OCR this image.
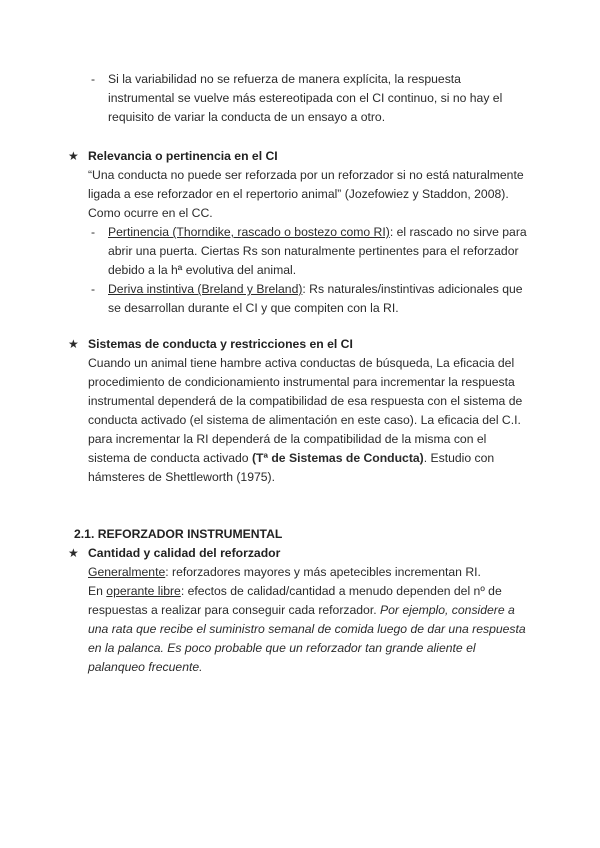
- Si la variabilidad no se refuerza de manera explícita, la respuesta
instrumental se vuelve más estereotipada con el CI continuo, si no hay el
requisito de variar la conducta de un ensayo a otro.
★ Relevancia o pertinencia en el CI
“Una conducta no puede ser reforzada por un reforzador si no está naturalmente
ligada a ese reforzador en el repertorio animal” (Jozefowiez y Staddon, 2008).
Como ocurre en el CC.
- Pertinencia (Thorndike, rascado o bostezo como RI): el rascado no sirve para
abrir una puerta. Ciertas Rs son naturalmente pertinentes para el reforzador
debido a la hª evolutiva del animal.
- Deriva instintiva (Breland y Breland): Rs naturales/instintivas adicionales que
se desarrollan durante el CI y que compiten con la RI.
★ Sistemas de conducta y restricciones en el CI
Cuando un animal tiene hambre activa conductas de búsqueda, La eficacia del
procedimiento de condicionamiento instrumental para incrementar la respuesta
instrumental dependerá de la compatibilidad de esa respuesta con el sistema de
conducta activado (el sistema de alimentación en este caso). La eficacia del C.I.
para incrementar la RI dependerá de la compatibilidad de la misma con el
sistema de conducta activado (Tª de Sistemas de Conducta). Estudio con
hámsteres de Shettleworth (1975).
2.1. REFORZADOR INSTRUMENTAL
★ Cantidad y calidad del reforzador
Generalmente: reforzadores mayores y más apetecibles incrementan RI.
En operante libre: efectos de calidad/cantidad a menudo dependen del nº de
respuestas a realizar para conseguir cada reforzador. Por ejemplo, considere a
una rata que recibe el suministro semanal de comida luego de dar una respuesta
en la palanca. Es poco probable que un reforzador tan grande aliente el
palanqueo frecuente.
